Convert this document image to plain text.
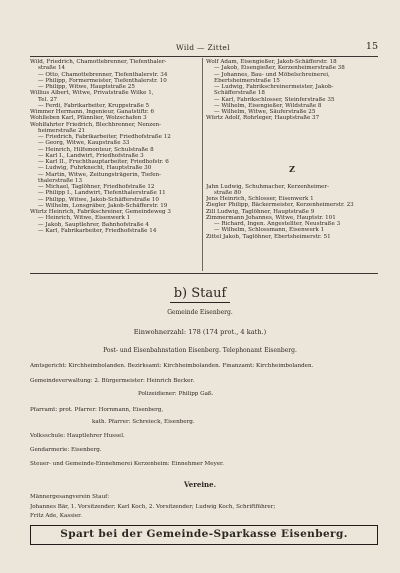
Wild — Zittel	15
Wild, Friedrich, Chamottebrenner, Tiefenthaler-
straße 14
— Otto, Chamottebrenner, Tiefenthalerstr. 34
— Philipp, Formermeister, Tiefenthalerstr. 10
— Philipp, Witwe, Hauptstraße 25
Willius Albert, Witwe, Privatstraße Wilke 1,
Tel. 27
— Ferdi, Fabrikarbeiter, Kruppstraße 5
Wimmer Hermann, Ingenieur, Ganatstiftr. 6
Wohlleben Karl, Pfännlier, Wolzschafen 3
Wohlfahrter Friedrich, Blechbrenner, Nenzen-
heimerstraße 21
— Friedrich, Fabrikarbeiter, Friedhofstraße 12
— Georg, Witwe, Kaupstraße 33
— Heinrich, Hilfsmonteur, Schulstraße 8
— Karl I., Landwirt, Friedhofstraße 3
— Karl II., Fruchthauptarbeiter, Friedhofstr. 6
— Ludwig, Fuhrknecht, Hauptstraße 30
— Martin, Witwe, Zeitungsträgerin, Tiefen-
thalerstraße 13
— Michael, Taglöhner, Friedhofstraße 12
— Philipp I., Landwirt, Tiefenthalerstraße 11
— Philipp, Witwe, Jakob-Schäfferstraße 10
— Wilhelm, Lonsgräber, Jakob-Schäfferstr. 19
Würtz Heinrich, Fabrikschreiner, Gemeindeweg 3
— Heinrich, Witwe, Eisenwerk 1
— Jakob, Sauptlehrer, Bahnhofstraße 4
— Karl, Fabrikarbeiter, Friedhofstraße 14
Wolf Adam, Eisengießer, Jakob-Schäfferstr. 18
— Jakob, Eisengießer, Kerzenheimerstraße 38
— Johannes, Bau- und Möbelschreinerei,
Ebertsheimerstraße 15
— Ludwig, Fabrikschreinermeister, Jakob-
Schäfferstraße 18
— Karl, Fabrikschlosser, Steinferstraße 35
— Wilhelm, Eisengießer, Wildstraße 8
— Wilhelm, Witwe, Säuferstraße 25
Würtz Adolf, Rohrleger, Hauptstraße 37
Z
Jahn Ludwig, Schuhmacher, Kerzenheimer-
straße 80
Jens Heinrich, Schlosser, Eisenwerk 1
Ziegler Philipp, Bäckermeister, Kerzenheimerstr. 23
Zill Ludwig, Taglöhner, Hauptstraße 9
Zimmermann Johannes, Witwe, Hauptstr. 101
— Richard, Ingen. Angestellter, Neustraße 3
— Wilhelm, Schlossmann, Eisenwerk 1
Zittel Jakob, Taglöhner, Ebertsheimerstr. 51
b) Stauf
Gemeinde Eisenberg.
Einwohnerzahl: 178 (174 prot., 4 kath.)
Post- und Eisenbahnstation Eisenberg. Telephonamt Eisenberg.
Amtsgericht: Kirchheimbolanden. Bezirksamt: Kirchheimbolanden. Finanzamt: Kirchheimbolanden.
Gemeindeverwaltung: 2. Bürgermeister: Heinrich Becker.
Polizeidiener: Philipp Gaß.
Pfarramt: prot. Pfarrer: Hornmann, Eisenberg,
kath. Pfarrer: Schreieck, Eisenberg.
Volksschule: Hauptlehrer Hussel.
Gendarmerie: Eisenberg.
Steuer- und Gemeinde-Einnehmerei Kerzenheim: Einnehmer Meyer.
Vereine.
Männergesangverein Stauf:
Johannes Bär, 1. Vorsitzender; Karl Koch, 2. Vorsitzender; Ludwig Koch, Schriftführer;
Fritz Ade, Kassier.
Spart bei der Gemeinde-Sparkasse Eisenberg.
